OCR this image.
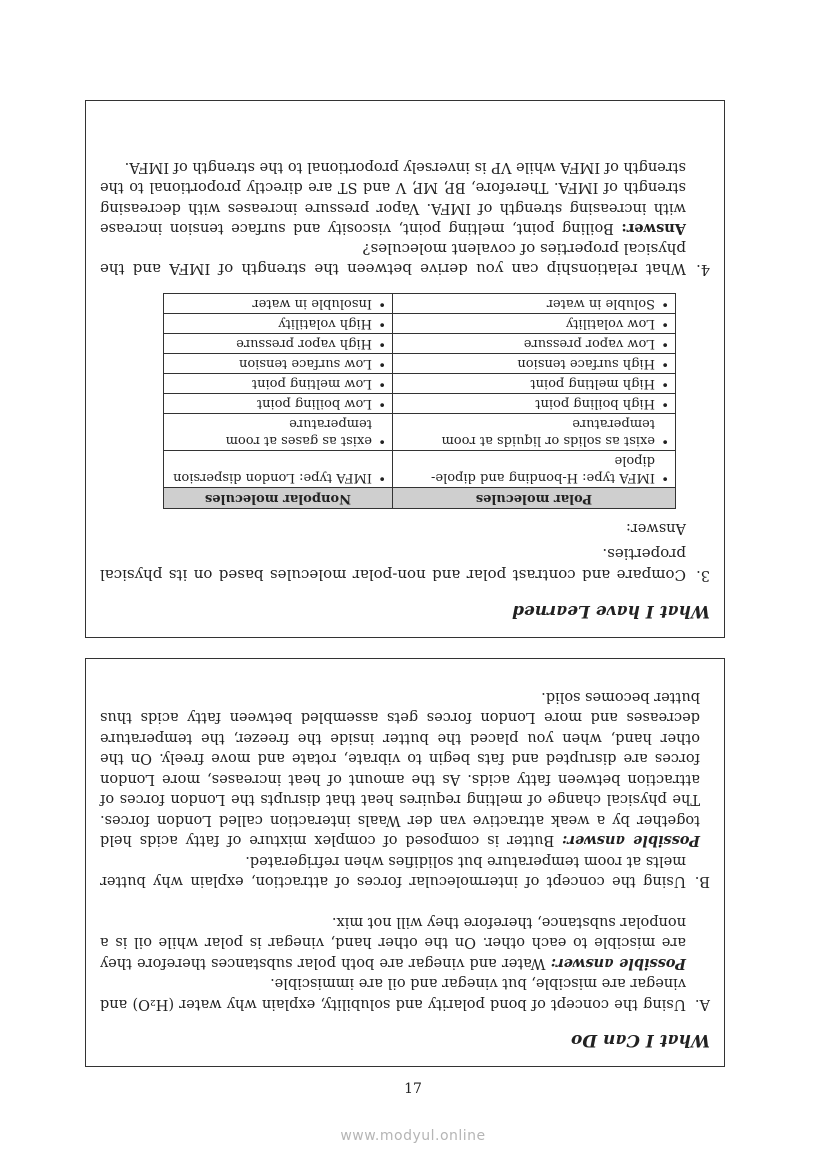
What I Can Do

A.

Using the concept of bond polarity and solubility, explain why water (H₂O) and vinegar are miscible, but vinegar and oil are immiscible.

Possible answer: Water and vinegar are both polar substances therefore they are miscible to each other. On the other hand, vinegar is polar while oil is a nonpolar substance, therefore they will not mix.

B.

Using the concept of intermolecular forces of attraction, explain why butter melts at room temperature but solidifies when refrigerated.

Possible answer: Butter is composed of complex mixture of fatty acids held together by a weak attractive van der Waals interaction called London forces. The physical change of melting requires heat that disrupts the London forces of attraction between fatty acids. As the amount of heat increases, more London forces are disrupted and fats begin to vibrate, rotate and move freely. On the other hand, when you placed the butter inside the freezer, the temperature decreases and more London forces gets assembled between fatty acids thus butter becomes solid.

What I have Learned

3.

Compare and contrast polar and non-polar molecules based on its physical properties.

Answer:

Polar molecules	Nonpolar molecules
• IMFA type: H-bonding and dipole-dipole	• IMFA type: London dispersion
• exist as solids or liquids at room temperature	• exist as gases at room temperature
• High boiling point	• Low boiling point
• High melting point	• Low melting point
• High surface tension	• Low surface tension
• Low vapor pressure	• High vapor pressure
• Low volatility	• High volatility
• Soluble in water	• Insoluble in water
4.

What relationship can you derive between the strength of IMFA and the physical properties of covalent molecules?

Answer: Boiling point, melting point, viscosity and surface tension increase with increasing strength of IMFA. Vapor pressure increases with decreasing strength of IMFA. Therefore, BP, MP, V and ST are directly proportional to the strength of IMFA while VP is inversely proportional to the strength of IMFA.

17
www.modyul.online
